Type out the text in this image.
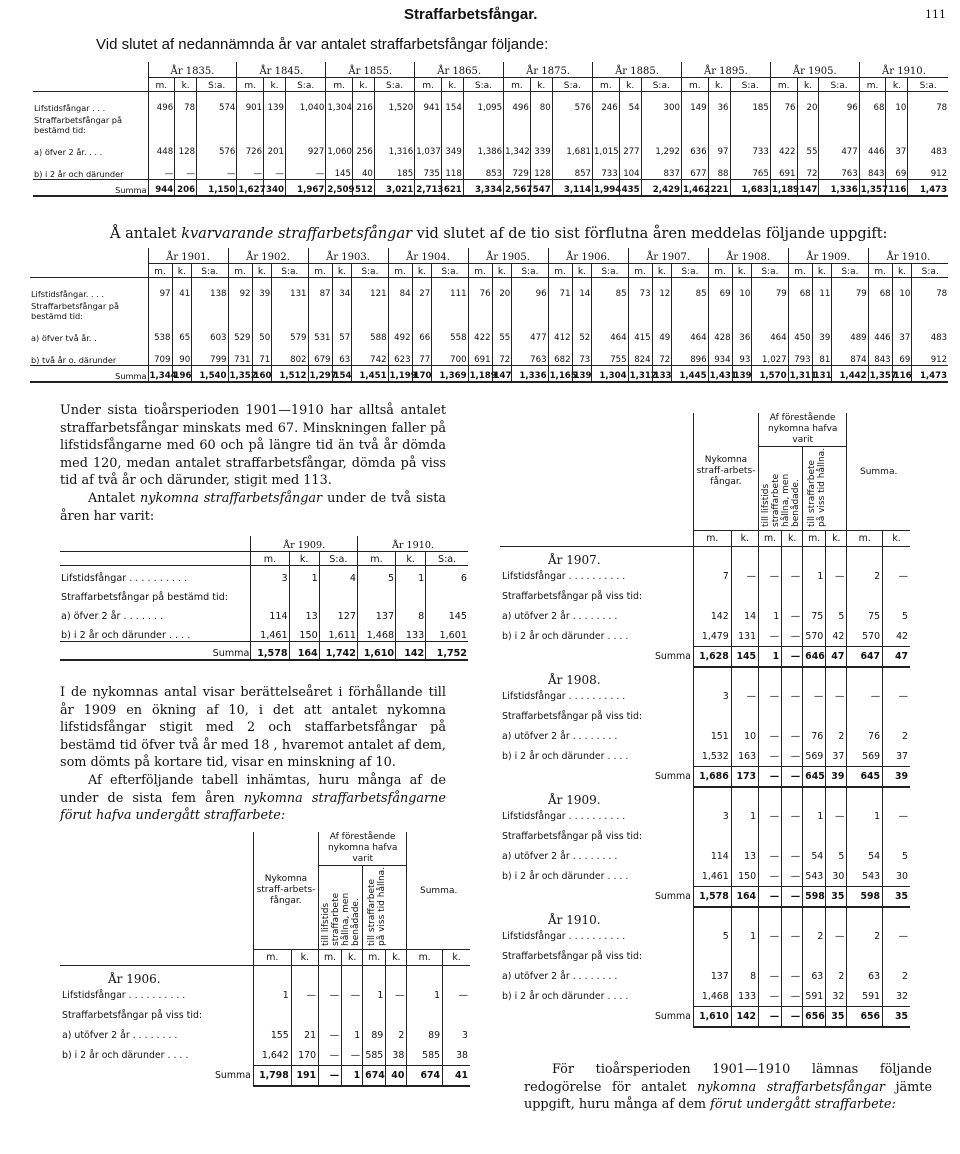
Straffarbetsfångar.	111
Vid slutet af nedannämnda år var antalet straffarbetsfångar följande:
	År 1835.			År 1845.			År 1855.			År 1865.			År 1875.			År 1885.			År 1895.			År 1905.			År 1910.		
	m.	k.	S:a.	m.	k.	S:a.	m.	k.	S:a.	m.	k.	S:a.	m.	k.	S:a.	m.	k.	S:a.	m.	k.	S:a.	m.	k.	S:a.	m.	k.	S:a.
Lifstidsfångar . . .	496	78	574	901	139	1,040	1,304	216	1,520	941	154	1,095	496	80	576	246	54	300	149	36	185	76	20	96	68	10	78
Straffarbetsfångar på bestämd tid:																											
a) öfver 2 år. . . .	448	128	576	726	201	927	1,060	256	1,316	1,037	349	1,386	1,342	339	1,681	1,015	277	1,292	636	97	733	422	55	477	446	37	483
b) i 2 år och därunder	—	—	—	—	—	—	145	40	185	735	118	853	729	128	857	733	104	837	677	88	765	691	72	763	843	69	912
Summa	944	206	1,150	1,627	340	1,967	2,509	512	3,021	2,713	621	3,334	2,567	547	3,114	1,994	435	2,429	1,462	221	1,683	1,189	147	1,336	1,357	116	1,473
Å antalet kvarvarande straffarbetsfångar vid slutet af de tio sist förflutna åren meddelas följande uppgift:
	År 1901.			År 1902.			År 1903.			År 1904.			År 1905.			År 1906.			År 1907.			År 1908.			År 1909.			År 1910.		
	m.	k.	S:a.	m.	k.	S:a.	m.	k.	S:a.	m.	k.	S:a.	m.	k.	S:a.	m.	k.	S:a.	m.	k.	S:a.	m.	k.	S:a.	m.	k.	S:a.	m.	k.	S:a.
Lifstidsfångar. . . .	97	41	138	92	39	131	87	34	121	84	27	111	76	20	96	71	14	85	73	12	85	69	10	79	68	11	79	68	10	78
Straffarbetsfångar på bestämd tid:																														
a) öfver två år. .	538	65	603	529	50	579	531	57	588	492	66	558	422	55	477	412	52	464	415	49	464	428	36	464	450	39	489	446	37	483
b) två år o. därunder	709	90	799	731	71	802	679	63	742	623	77	700	691	72	763	682	73	755	824	72	896	934	93	1,027	793	81	874	843	69	912
Summa	1,344	196	1,540	1,352	160	1,512	1,297	154	1,451	1,199	170	1,369	1,189	147	1,336	1,165	139	1,304	1,312	133	1,445	1,431	139	1,570	1,311	131	1,442	1,357	116	1,473
Under sista tioårsperioden 1901—1910 har alltså antalet straffarbetsfångar minskats med 67. Minskningen faller på lifstidsfångarne med 60 och på längre tid än två år dömda med 120, medan antalet straffarbetsfångar, dömda på viss tid af två år och därunder, stigit med 113.
Antalet nykomna straffarbetsfångar under de två sista åren har varit:
	År 1909.			År 1910.		
	m.	k.	S:a.	m.	k.	S:a.
Lifstidsfångar . . . . . . . . . .	3	1	4	5	1	6
Straffarbetsfångar på bestämd tid:						
a) öfver 2 år . . . . . . .	114	13	127	137	8	145
b) i 2 år och därunder . . . .	1,461	150	1,611	1,468	133	1,601
Summa	1,578	164	1,742	1,610	142	1,752
I de nykomnas antal visar berättelseåret i förhållande till år 1909 en ökning af 10, i det att antalet nykomna lifstidsfångar stigit med 2 och staffarbetsfångar på bestämd tid öfver två år med 18 , hvaremot antalet af dem, som dömts på kortare tid, visar en minskning af 10.
Af efterföljande tabell inhämtas, huru många af de under de sista fem åren nykomna straffarbetsfångarne förut hafva undergått straffarbete:
	Nykomna straff-arbets-fångar.		Af förestående nykomna hafva varit				Summa.	
			till lifstids straffarbete hållna, men benådade.		till straffarbete på viss tid hållna.			
	m.	k.	m.	k.	m.	k.	m.	k.
År 1906.								
Lifstidsfångar . . . . . . . . . .	1	—	—	—	1	—	1	—
Straffarbetsfångar på viss tid:								
a) utöfver 2 år . . . . . . . .	155	21	—	1	89	2	89	3
b) i 2 år och därunder . . . .	1,642	170	—	—	585	38	585	38
Summa	1,798	191	—	1	674	40	674	41
	Nykomna straff-arbets-fångar.		Af förestående nykomna hafva varit				Summa.	
			till lifstids straffarbete hållna, men benådade.		till straffarbete på viss tid hållna.			
	m.	k.	m.	k.	m.	k.	m.	k.
År 1907.								
Lifstidsfångar . . . . . . . . . .	7	—	—	—	1	—	2	—
Straffarbetsfångar på viss tid:								
a) utöfver 2 år . . . . . . . .	142	14	1	—	75	5	75	5
b) i 2 år och därunder . . . .	1,479	131	—	—	570	42	570	42
Summa	1,628	145	1	—	646	47	647	47
År 1908.								
Lifstidsfångar . . . . . . . . . .	3	—	—	—	—	—	—	—
Straffarbetsfångar på viss tid:								
a) utöfver 2 år . . . . . . . .	151	10	—	—	76	2	76	2
b) i 2 år och därunder . . . .	1,532	163	—	—	569	37	569	37
Summa	1,686	173	—	—	645	39	645	39
År 1909.								
Lifstidsfångar . . . . . . . . . .	3	1	—	—	1	—	1	—
Straffarbetsfångar på viss tid:								
a) utöfver 2 år . . . . . . . .	114	13	—	—	54	5	54	5
b) i 2 år och därunder . . . .	1,461	150	—	—	543	30	543	30
Summa	1,578	164	—	—	598	35	598	35
År 1910.								
Lifstidsfångar . . . . . . . . . .	5	1	—	—	2	—	2	—
Straffarbetsfångar på viss tid:								
a) utöfver 2 år . . . . . . . .	137	8	—	—	63	2	63	2
b) i 2 år och därunder . . . .	1,468	133	—	—	591	32	591	32
Summa	1,610	142	—	—	656	35	656	35
För tioårsperioden 1901—1910 lämnas följande redogörelse för antalet nykomna straffarbetsfångar jämte uppgift, huru många af dem förut undergått straffarbete:
